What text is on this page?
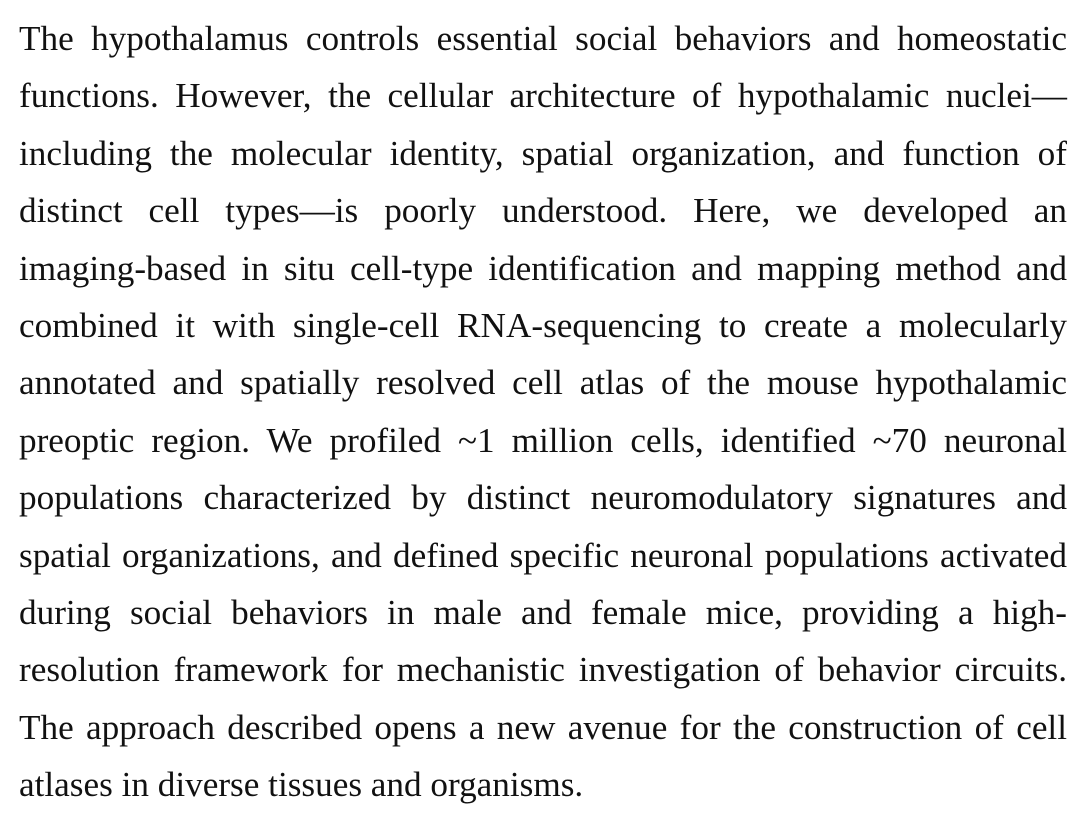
The hypothalamus controls essential social behaviors and homeostatic
functions. However, the cellular architecture of hypothalamic nuclei—
including the molecular identity, spatial organization, and function of
distinct cell types—is poorly understood. Here, we developed an
imaging-based in situ cell-type identification and mapping method and
combined it with single-cell RNA-sequencing to create a molecularly
annotated and spatially resolved cell atlas of the mouse hypothalamic
preoptic region. We profiled ~1 million cells, identified ~70 neuronal
populations characterized by distinct neuromodulatory signatures and
spatial organizations, and defined specific neuronal populations activated
during social behaviors in male and female mice, providing a high-
resolution framework for mechanistic investigation of behavior circuits.
The approach described opens a new avenue for the construction of cell
atlases in diverse tissues and organisms.
